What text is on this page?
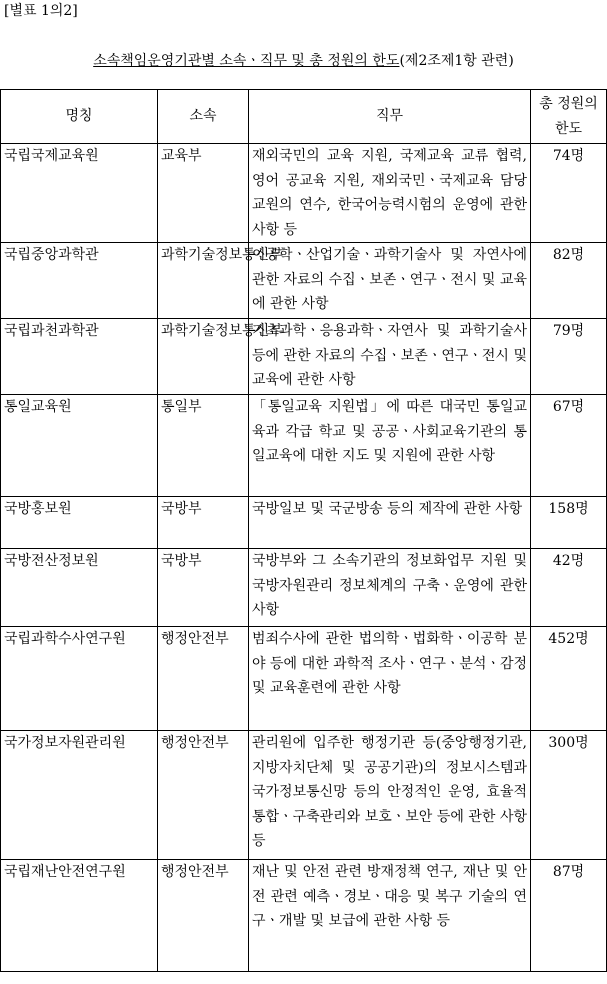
[별표 1의2]
소속책임운영기관별 소속ㆍ직무 및 총 정원의 한도(제2조제1항 관련)
명칭	소속	직무	총 정원의
한도
국립국제교육원	교육부	재외국민의 교육 지원, 국제교육 교류 협력, 영어 공교육 지원, 재외국민ㆍ국제교육 담당 교원의 연수, 한국어능력시험의 운영에 관한 사항 등	74명
국립중앙과학관	과학기술정보통신부	이공학ㆍ산업기술ㆍ과학기술사 및 자연사에 관한 자료의 수집ㆍ보존ㆍ연구ㆍ전시 및 교육에 관한 사항	82명
국립과천과학관	과학기술정보통신부	기초과학ㆍ응용과학ㆍ자연사 및 과학기술사 등에 관한 자료의 수집ㆍ보존ㆍ연구ㆍ전시 및 교육에 관한 사항	79명
통일교육원	통일부	「통일교육 지원법」에 따른 대국민 통일교육과 각급 학교 및 공공ㆍ사회교육기관의 통일교육에 대한 지도 및 지원에 관한 사항	67명
국방홍보원	국방부	국방일보 및 국군방송 등의 제작에 관한 사항	158명
국방전산정보원	국방부	국방부와 그 소속기관의 정보화업무 지원 및 국방자원관리 정보체계의 구축ㆍ운영에 관한 사항	42명
국립과학수사연구원	행정안전부	범죄수사에 관한 법의학ㆍ법화학ㆍ이공학 분야 등에 대한 과학적 조사ㆍ연구ㆍ분석ㆍ감정 및 교육훈련에 관한 사항	452명
국가정보자원관리원	행정안전부	관리원에 입주한 행정기관 등(중앙행정기관, 지방자치단체 및 공공기관)의 정보시스템과 국가정보통신망 등의 안정적인 운영, 효율적 통합ㆍ구축관리와 보호ㆍ보안 등에 관한 사항 등	300명
국립재난안전연구원	행정안전부	재난 및 안전 관련 방재정책 연구, 재난 및 안전 관련 예측ㆍ경보ㆍ대응 및 복구 기술의 연구ㆍ개발 및 보급에 관한 사항 등	87명
